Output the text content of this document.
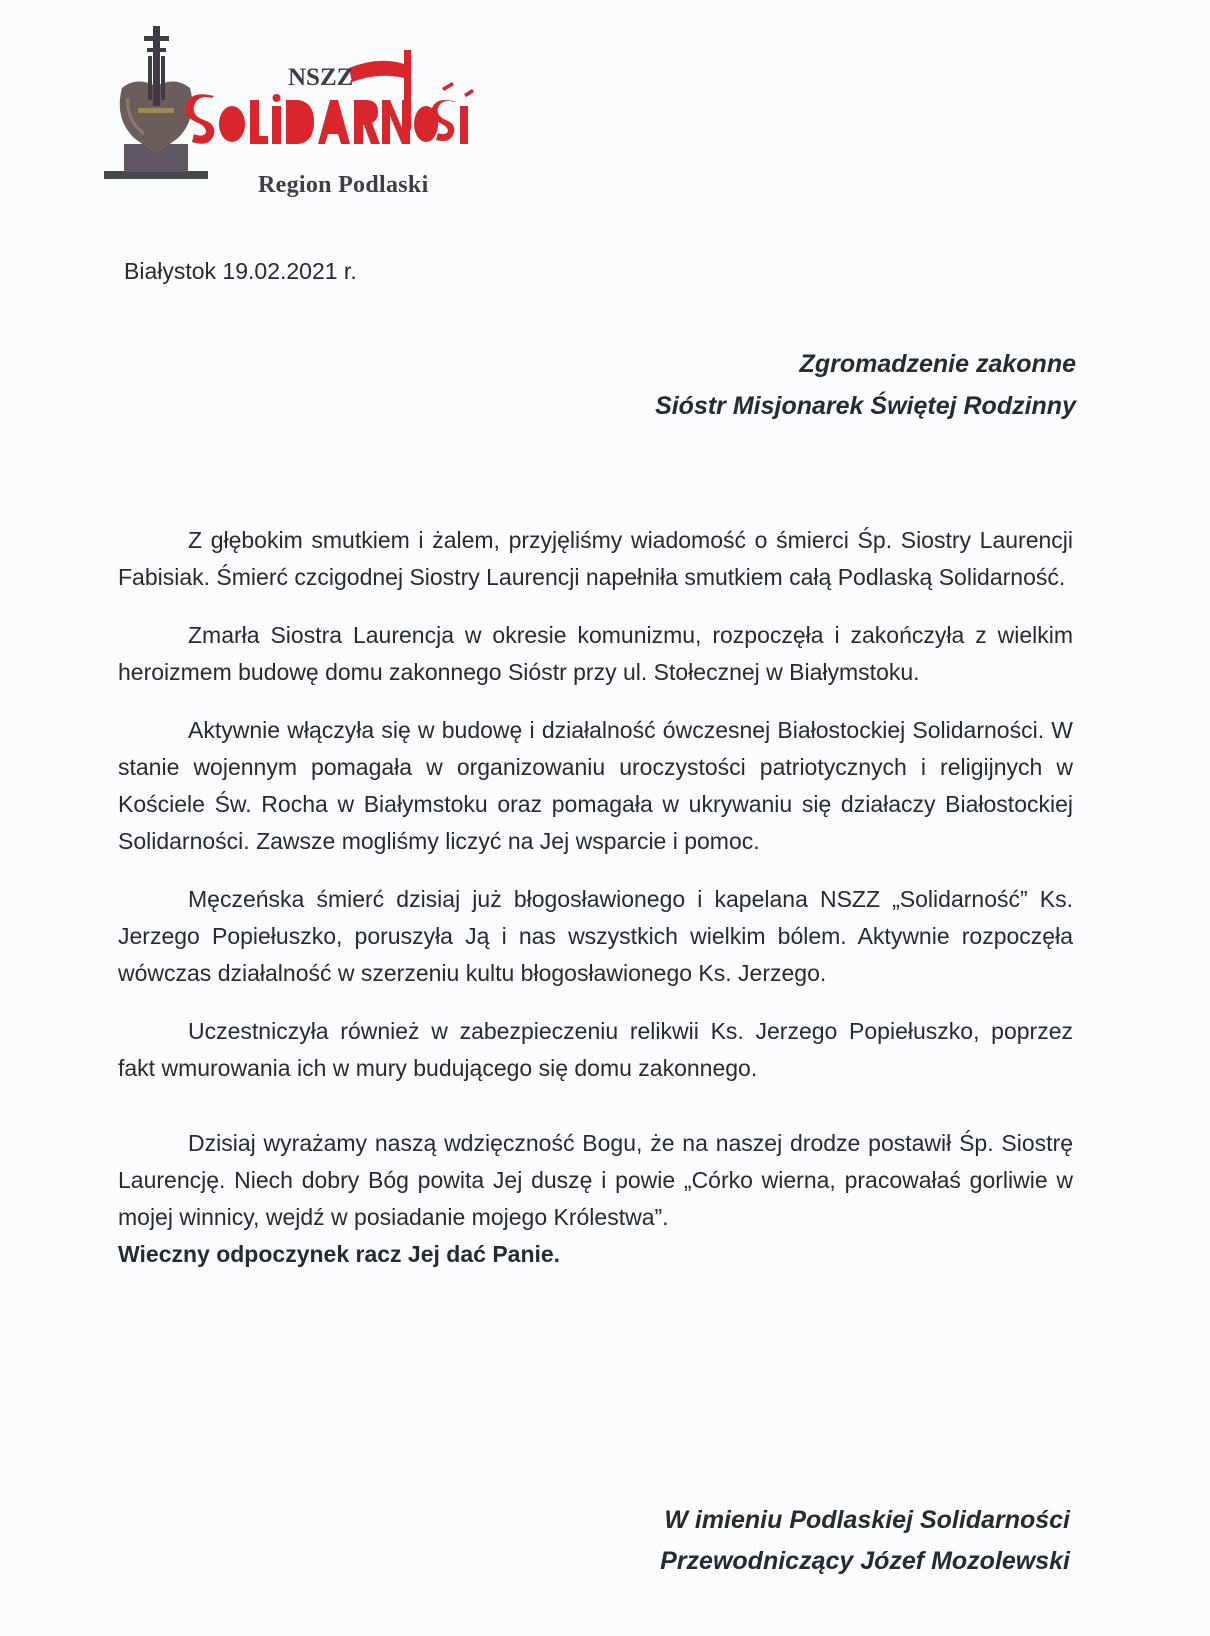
NSZZ
Region Podlaski
Białystok 19.02.2021 r.
Zgromadzenie zakonne
Sióstr Misjonarek Świętej Rodzinny

Z głębokim smutkiem i żalem, przyjęliśmy wiadomość o śmierci Śp. Siostry Laurencji Fabisiak. Śmierć czcigodnej Siostry Laurencji napełniła smutkiem całą Podlaską Solidarność.

Zmarła Siostra Laurencja w okresie komunizmu, rozpoczęła i zakończyła z wielkim heroizmem budowę domu zakonnego Sióstr przy ul. Stołecznej w Białymstoku.

Aktywnie włączyła się w budowę i działalność ówczesnej Białostockiej Solidarności. W stanie wojennym pomagała w organizowaniu uroczystości patriotycznych i religijnych w Kościele Św. Rocha w Białymstoku oraz pomagała w ukrywaniu się działaczy Białostockiej Solidarności. Zawsze mogliśmy liczyć na Jej wsparcie i pomoc.

Męczeńska śmierć dzisiaj już błogosławionego i kapelana NSZZ „Solidarność” Ks. Jerzego Popiełuszko, poruszyła Ją i nas wszystkich wielkim bólem. Aktywnie rozpoczęła wówczas działalność w szerzeniu kultu błogosławionego Ks. Jerzego.

Uczestniczyła również w zabezpieczeniu relikwii Ks. Jerzego Popiełuszko, poprzez fakt wmurowania ich w mury budującego się domu zakonnego.

Dzisiaj wyrażamy naszą wdzięczność Bogu, że na naszej drodze postawił Śp. Siostrę Laurencję. Niech dobry Bóg powita Jej duszę i powie „Córko wierna, pracowałaś gorliwie w mojej winnicy, wejdź w posiadanie mojego Królestwa”.

Wieczny odpoczynek racz Jej dać Panie.
W imieniu Podlaskiej Solidarności
Przewodniczący Józef Mozolewski
